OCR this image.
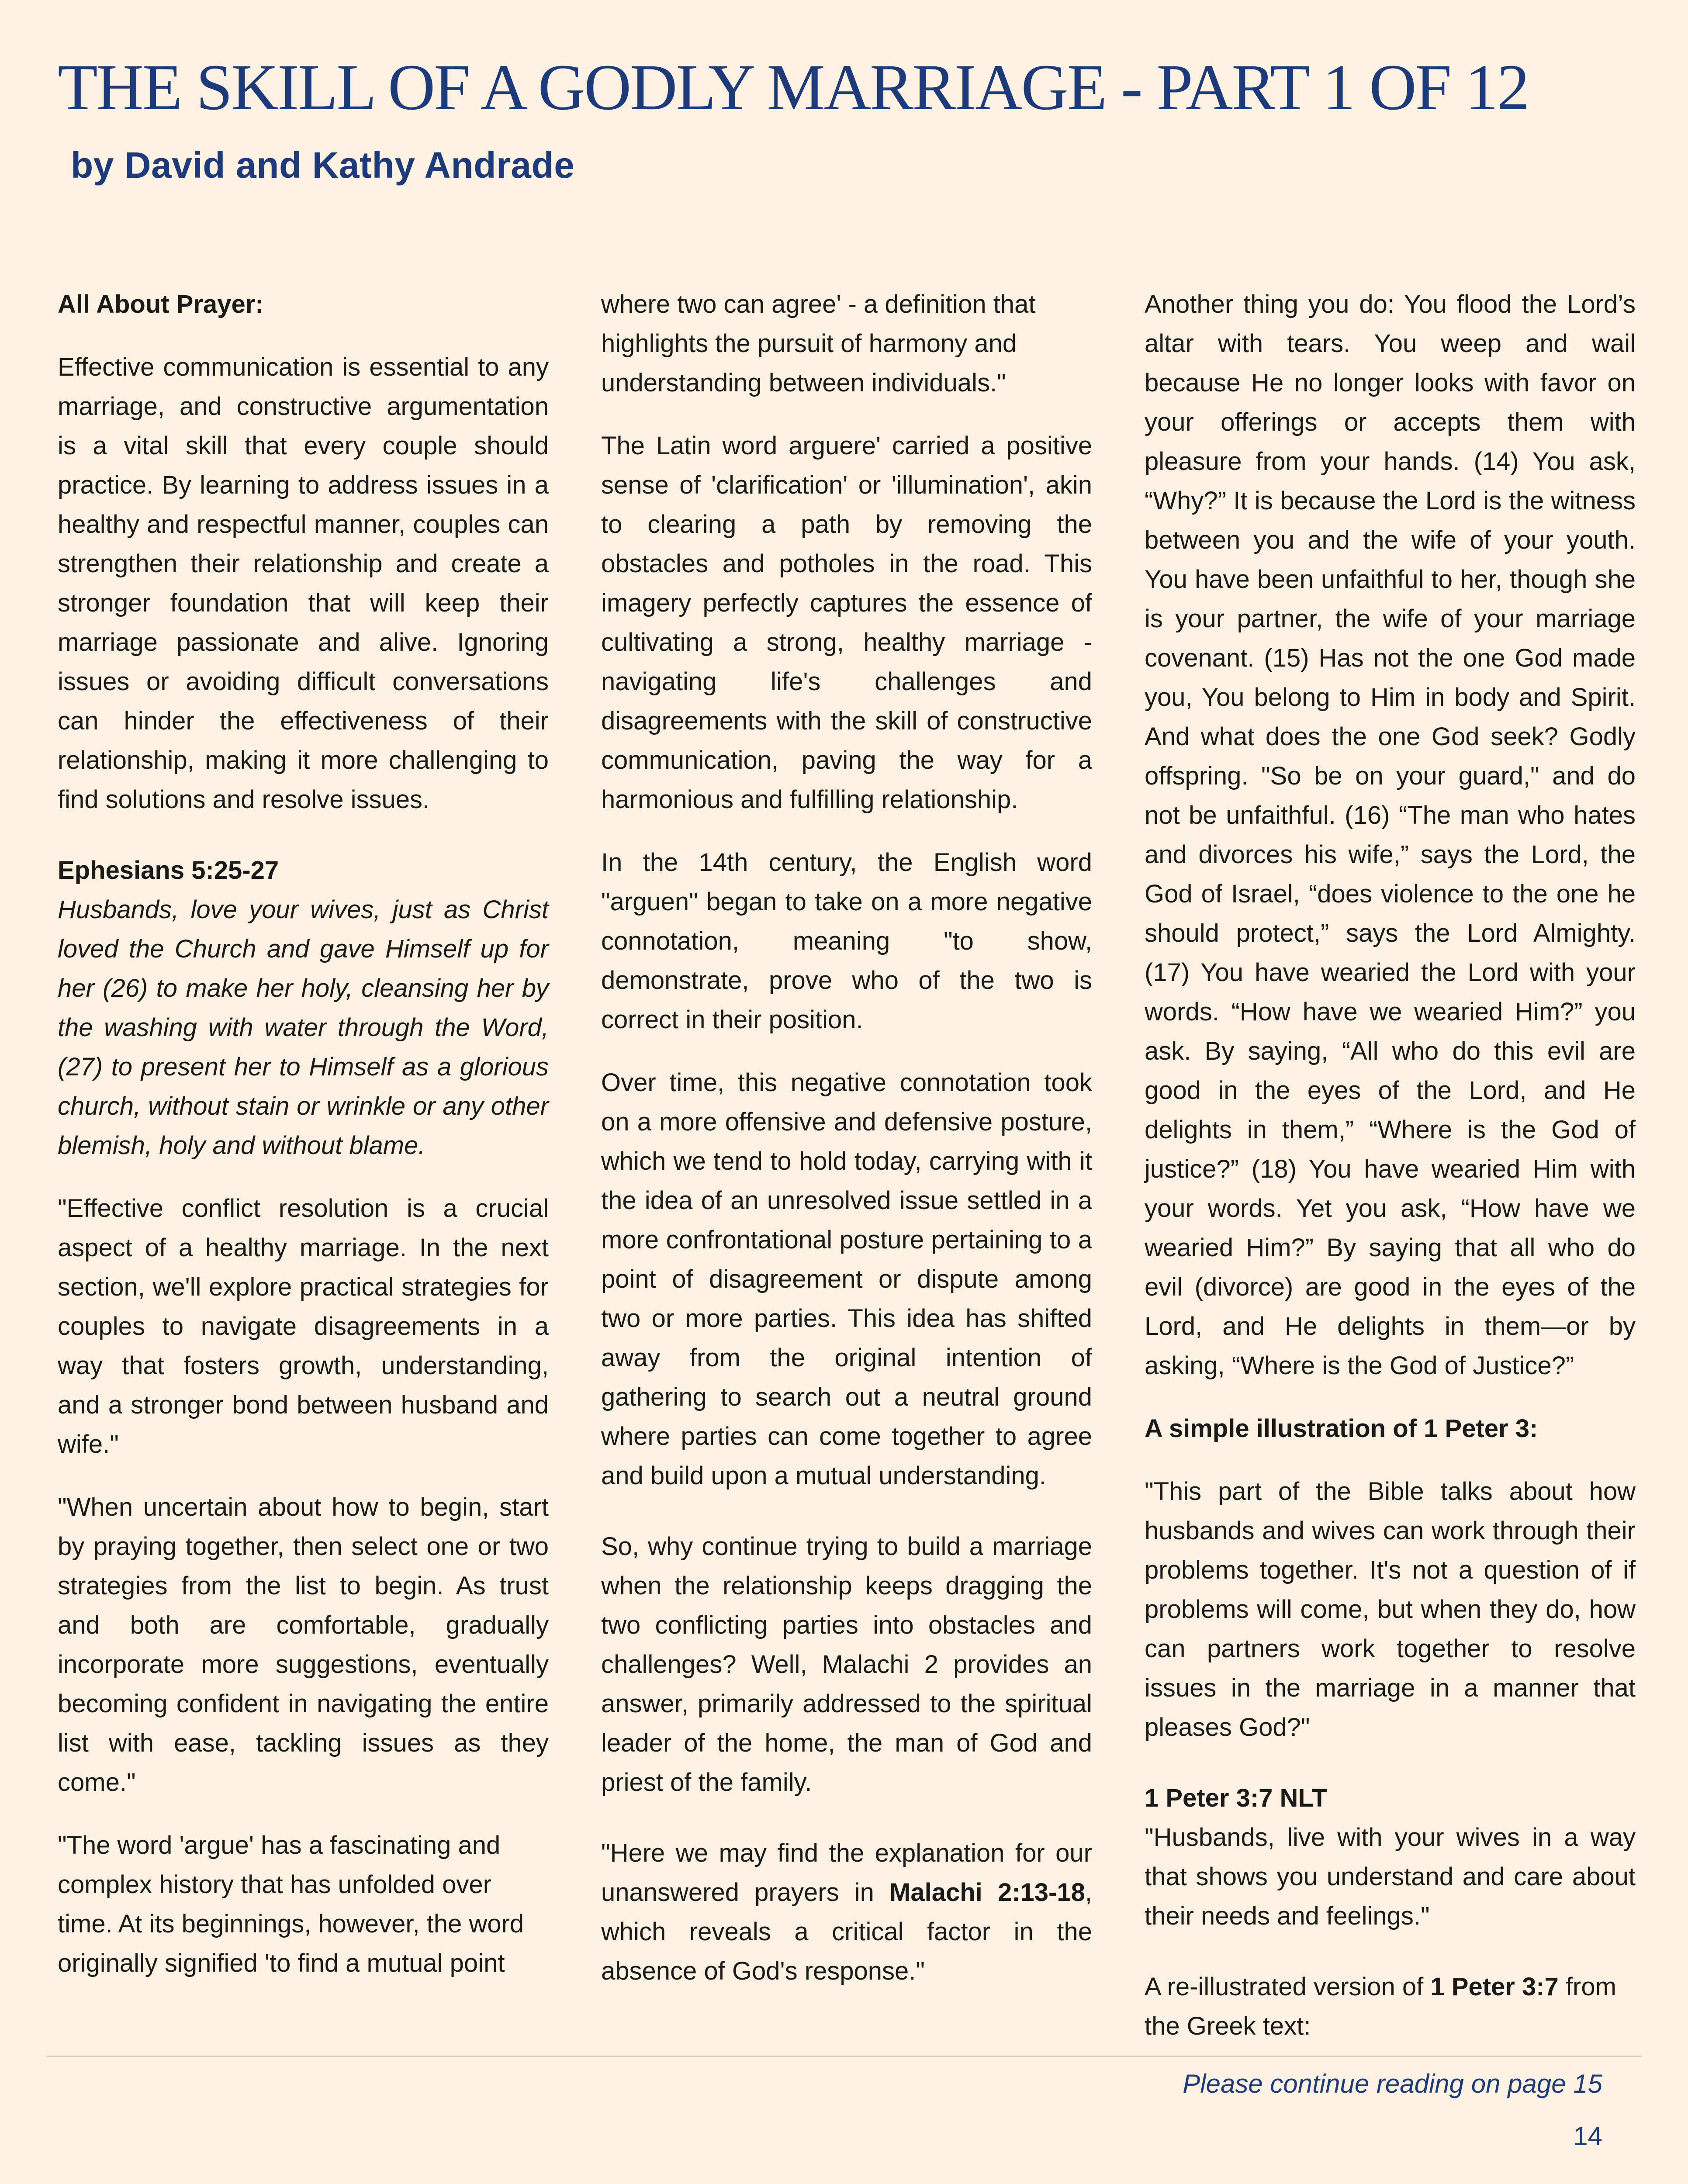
THE SKILL OF A GODLY MARRIAGE - PART 1 OF 12
by David and Kathy Andrade
All About Prayer:

Effective communication is essential to any marriage, and constructive argumentation is a vital skill that every couple should practice. By learning to address issues in a healthy and respectful manner, couples can strengthen their relationship and create a stronger foundation that will keep their marriage passionate and alive. Ignoring issues or avoiding difficult conversations can hinder the effectiveness of their relationship, making it more challenging to find solutions and resolve issues.

Ephesians 5:25-27

Husbands, love your wives, just as Christ loved the Church and gave Himself up for her (26) to make her holy, cleansing her by the washing with water through the Word, (27) to present her to Himself as a glorious church, without stain or wrinkle or any other blemish, holy and without blame.

"Effective conflict resolution is a crucial aspect of a healthy marriage. In the next section, we'll explore practical strategies for couples to navigate disagreements in a way that fosters growth, understanding, and a stronger bond between husband and wife."

"When uncertain about how to begin, start by praying together, then select one or two strategies from the list to begin. As trust and both are comfortable, gradually incorporate more suggestions, eventually becoming confident in navigating the entire list with ease, tackling issues as they come."

"The word 'argue' has a fascinating and complex history that has unfolded over time. At its beginnings, however, the word originally signified 'to find a mutual point

where two can agree' - a definition that highlights the pursuit of harmony and understanding between individuals."

The Latin word arguere' carried a positive sense of 'clarification' or 'illumination', akin to clearing a path by removing the obstacles and potholes in the road. This imagery perfectly captures the essence of cultivating a strong, healthy marriage - navigating life's challenges and disagreements with the skill of constructive communication, paving the way for a harmonious and fulfilling relationship.

In the 14th century, the English word "arguen" began to take on a more negative connotation, meaning "to show, demonstrate, prove who of the two is correct in their position.

Over time, this negative connotation took on a more offensive and defensive posture, which we tend to hold today, carrying with it the idea of an unresolved issue settled in a more confrontational posture pertaining to a point of disagreement or dispute among two or more parties. This idea has shifted away from the original intention of gathering to search out a neutral ground where parties can come together to agree and build upon a mutual understanding.

So, why continue trying to build a marriage when the relationship keeps dragging the two conflicting parties into obstacles and challenges? Well, Malachi 2 provides an answer, primarily addressed to the spiritual leader of the home, the man of God and priest of the family.

"Here we may find the explanation for our unanswered prayers in Malachi 2:13-18, which reveals a critical factor in the absence of God's response."

Another thing you do: You flood the Lord’s altar with tears. You weep and wail because He no longer looks with favor on your offerings or accepts them with pleasure from your hands. (14) You ask, “Why?” It is because the Lord is the witness between you and the wife of your youth. You have been unfaithful to her, though she is your partner, the wife of your marriage covenant. (15) Has not the one God made you, You belong to Him in body and Spirit. And what does the one God seek? Godly offspring. "So be on your guard," and do not be unfaithful. (16) “The man who hates and divorces his wife,” says the Lord, the God of Israel, “does violence to the one he should protect,” says the Lord Almighty. (17) You have wearied the Lord with your words. “How have we wearied Him?” you ask. By saying, “All who do this evil are good in the eyes of the Lord, and He delights in them,” “Where is the God of justice?” (18) You have wearied Him with your words. Yet you ask, “How have we wearied Him?” By saying that all who do evil (divorce) are good in the eyes of the Lord, and He delights in them—or by asking, “Where is the God of Justice?”

A simple illustration of 1 Peter 3:

"This part of the Bible talks about how husbands and wives can work through their problems together. It's not a question of if problems will come, but when they do, how can partners work together to resolve issues in the marriage in a manner that pleases God?"

1 Peter 3:7 NLT

"Husbands, live with your wives in a way that shows you understand and care about their needs and feelings."

A re-illustrated version of 1 Peter 3:7 from the Greek text:

Please continue reading on page 15
14
